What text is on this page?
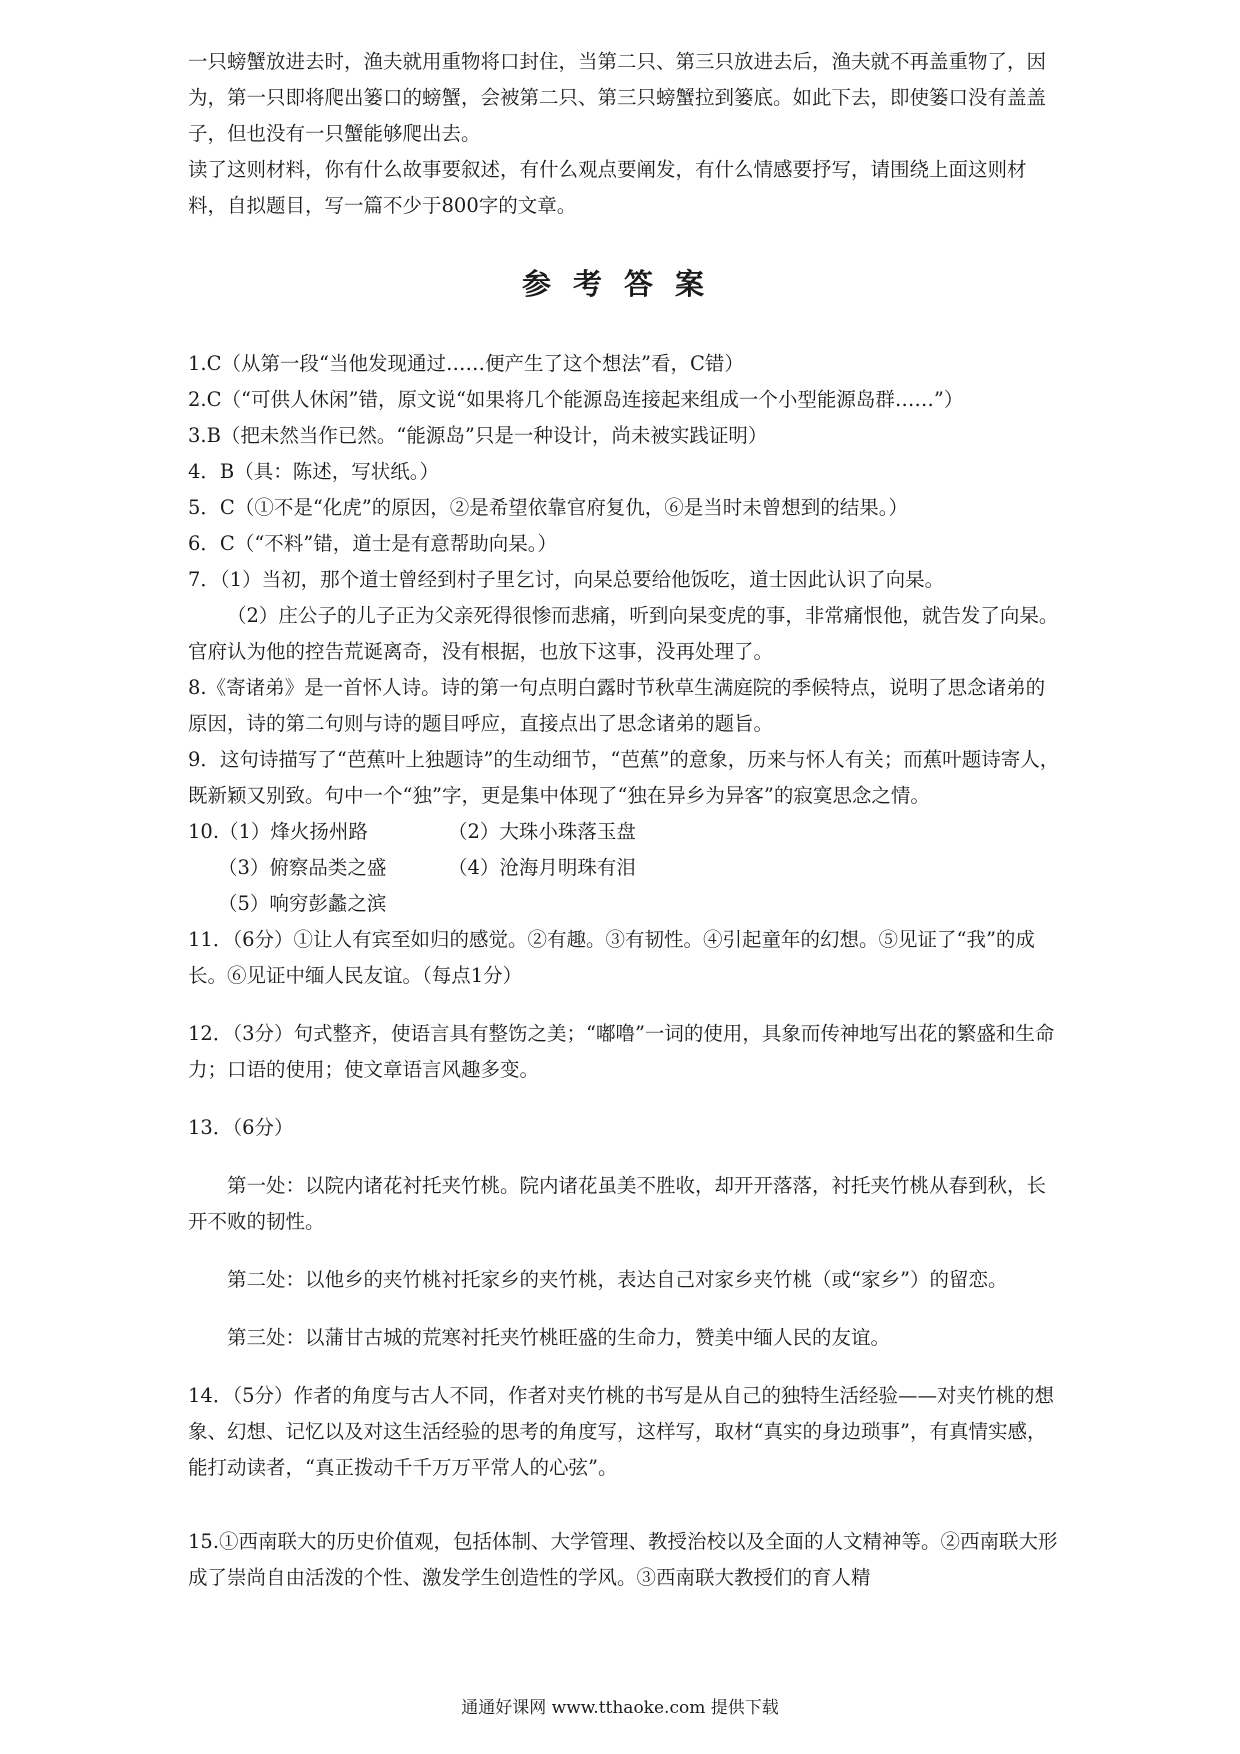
一只螃蟹放进去时，渔夫就用重物将口封住，当第二只、第三只放进去后，渔夫就不再盖重物了，因为，第一只即将爬出篓口的螃蟹，会被第二只、第三只螃蟹拉到篓底。如此下去，即使篓口没有盖盖子，但也没有一只蟹能够爬出去。

读了这则材料，你有什么故事要叙述，有什么观点要阐发，有什么情感要抒写，请围绕上面这则材料，自拟题目，写一篇不少于800字的文章。

参考答案

1.C（从第一段“当他发现通过……便产生了这个想法”看，C错）

2.C（“可供人休闲”错，原文说“如果将几个能源岛连接起来组成一个小型能源岛群……”）

3.B（把未然当作已然。“能源岛”只是一种设计，尚未被实践证明）

4．B（具：陈述，写状纸。）

5．C（①不是“化虎”的原因，②是希望依靠官府复仇，⑥是当时未曾想到的结果。）

6．C（“不料”错，道士是有意帮助向杲。）

7．（1）当初，那个道士曾经到村子里乞讨，向杲总要给他饭吃，道士因此认识了向杲。

（2）庄公子的儿子正为父亲死得很惨而悲痛，听到向杲变虎的事，非常痛恨他，就告发了向杲。官府认为他的控告荒诞离奇，没有根据，也放下这事，没再处理了。

8.《寄诸弟》是一首怀人诗。诗的第一句点明白露时节秋草生满庭院的季候特点，说明了思念诸弟的原因，诗的第二句则与诗的题目呼应，直接点出了思念诸弟的题旨。

9．这句诗描写了“芭蕉叶上独题诗”的生动细节，“芭蕉”的意象，历来与怀人有关；而蕉叶题诗寄人，既新颖又别致。句中一个“独”字，更是集中体现了“独在异乡为异客”的寂寞思念之情。

10.（1）烽火扬州路	（2）大珠小珠落玉盘
（3）俯察品类之盛	（4）沧海月明珠有泪
（5）响穷彭蠡之滨

11．（6分）①让人有宾至如归的感觉。②有趣。③有韧性。④引起童年的幻想。⑤见证了“我”的成长。⑥见证中缅人民友谊。（每点1分）

12．（3分）句式整齐，使语言具有整饬之美；“嘟噜”一词的使用，具象而传神地写出花的繁盛和生命力；口语的使用；使文章语言风趣多变。

13．（6分）

第一处：以院内诸花衬托夹竹桃。院内诸花虽美不胜收，却开开落落，衬托夹竹桃从春到秋，长开不败的韧性。

第二处：以他乡的夹竹桃衬托家乡的夹竹桃，表达自己对家乡夹竹桃（或“家乡”）的留恋。

第三处：以蒲甘古城的荒寒衬托夹竹桃旺盛的生命力，赞美中缅人民的友谊。

14．（5分）作者的角度与古人不同，作者对夹竹桃的书写是从自己的独特生活经验——对夹竹桃的想象、幻想、记忆以及对这生活经验的思考的角度写，这样写，取材“真实的身边琐事”，有真情实感，能打动读者，“真正拨动千千万万平常人的心弦”。

15.①西南联大的历史价值观，包括体制、大学管理、教授治校以及全面的人文精神等。②西南联大形成了崇尚自由活泼的个性、激发学生创造性的学风。③西南联大教授们的育人精

通通好课网 www.tthaoke.com 提供下载
